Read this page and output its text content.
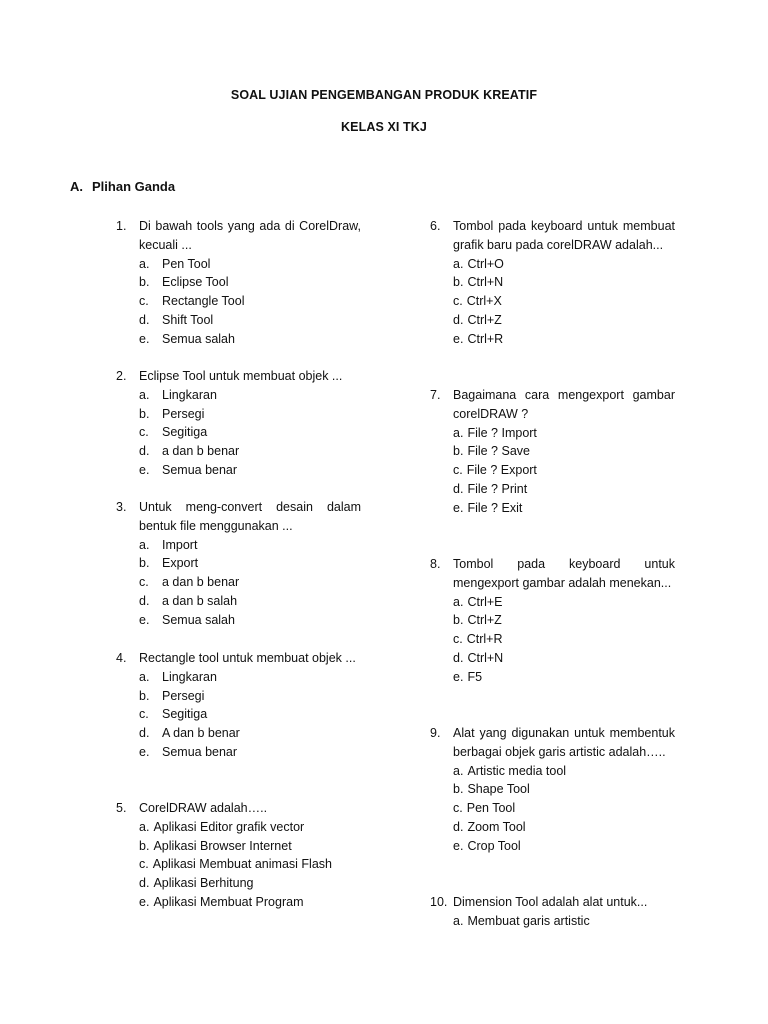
SOAL UJIAN PENGEMBANGAN PRODUK KREATIF
KELAS XI TKJ
A. Plihan Ganda
1.	Di bawah tools yang ada di CorelDraw, kecuali ...
a. Pen Tool
b. Eclipse Tool
c. Rectangle Tool
d. Shift Tool
e. Semua salah
2.	Eclipse Tool untuk membuat objek ...
a. Lingkaran
b. Persegi
c. Segitiga
d. a dan b benar
e. Semua benar
3.	Untuk meng-convert desain dalam bentuk file menggunakan ...
a. Import
b. Export
c. a dan b benar
d. a dan b salah
e. Semua salah
4.	Rectangle tool untuk membuat objek ...
a. Lingkaran
b. Persegi
c. Segitiga
d. A dan b benar
e. Semua benar
5.	CorelDRAW adalah…..
a. Aplikasi Editor grafik vector
b. Aplikasi Browser Internet
c. Aplikasi Membuat animasi Flash
d. Aplikasi Berhitung
e. Aplikasi Membuat Program
6.	Tombol pada keyboard untuk membuat grafik baru pada corelDRAW adalah...
a. Ctrl+O
b. Ctrl+N
c. Ctrl+X
d. Ctrl+Z
e. Ctrl+R
7.	Bagaimana cara mengexport gambar corelDRAW ?
a. File ? Import
b. File ? Save
c. File ? Export
d. File ? Print
e. File ? Exit
8.	Tombol pada keyboard untuk mengexport gambar adalah menekan...
a. Ctrl+E
b. Ctrl+Z
c. Ctrl+R
d. Ctrl+N
e. F5
9.	Alat yang digunakan untuk membentuk berbagai objek garis artistic adalah…..
a. Artistic media tool
b. Shape Tool
c. Pen Tool
d. Zoom Tool
e. Crop Tool
10. Dimension Tool adalah alat untuk...
a. Membuat garis artistic
